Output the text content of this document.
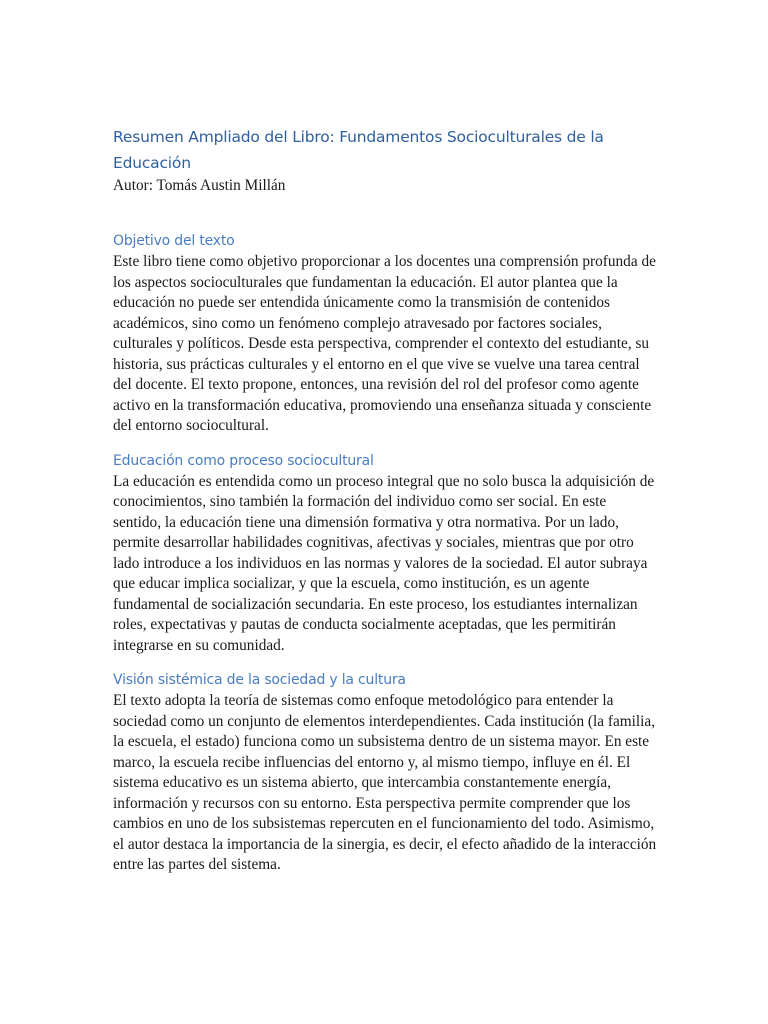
Resumen Ampliado del Libro: Fundamentos Socioculturales de la
Educación

Autor: Tomás Austin Millán

Objetivo del texto

Este libro tiene como objetivo proporcionar a los docentes una comprensión profunda de los aspectos socioculturales que fundamentan la educación. El autor plantea que la educación no puede ser entendida únicamente como la transmisión de contenidos académicos, sino como un fenómeno complejo atravesado por factores sociales, culturales y políticos. Desde esta perspectiva, comprender el contexto del estudiante, su historia, sus prácticas culturales y el entorno en el que vive se vuelve una tarea central del docente. El texto propone, entonces, una revisión del rol del profesor como agente activo en la transformación educativa, promoviendo una enseñanza situada y consciente del entorno sociocultural.

Educación como proceso sociocultural

La educación es entendida como un proceso integral que no solo busca la adquisición de conocimientos, sino también la formación del individuo como ser social. En este sentido, la educación tiene una dimensión formativa y otra normativa. Por un lado, permite desarrollar habilidades cognitivas, afectivas y sociales, mientras que por otro lado introduce a los individuos en las normas y valores de la sociedad. El autor subraya que educar implica socializar, y que la escuela, como institución, es un agente fundamental de socialización secundaria. En este proceso, los estudiantes internalizan roles, expectativas y pautas de conducta socialmente aceptadas, que les permitirán integrarse en su comunidad.

Visión sistémica de la sociedad y la cultura

El texto adopta la teoría de sistemas como enfoque metodológico para entender la sociedad como un conjunto de elementos interdependientes. Cada institución (la familia, la escuela, el estado) funciona como un subsistema dentro de un sistema mayor. En este marco, la escuela recibe influencias del entorno y, al mismo tiempo, influye en él. El sistema educativo es un sistema abierto, que intercambia constantemente energía, información y recursos con su entorno. Esta perspectiva permite comprender que los cambios en uno de los subsistemas repercuten en el funcionamiento del todo. Asimismo, el autor destaca la importancia de la sinergia, es decir, el efecto añadido de la interacción entre las partes del sistema.
